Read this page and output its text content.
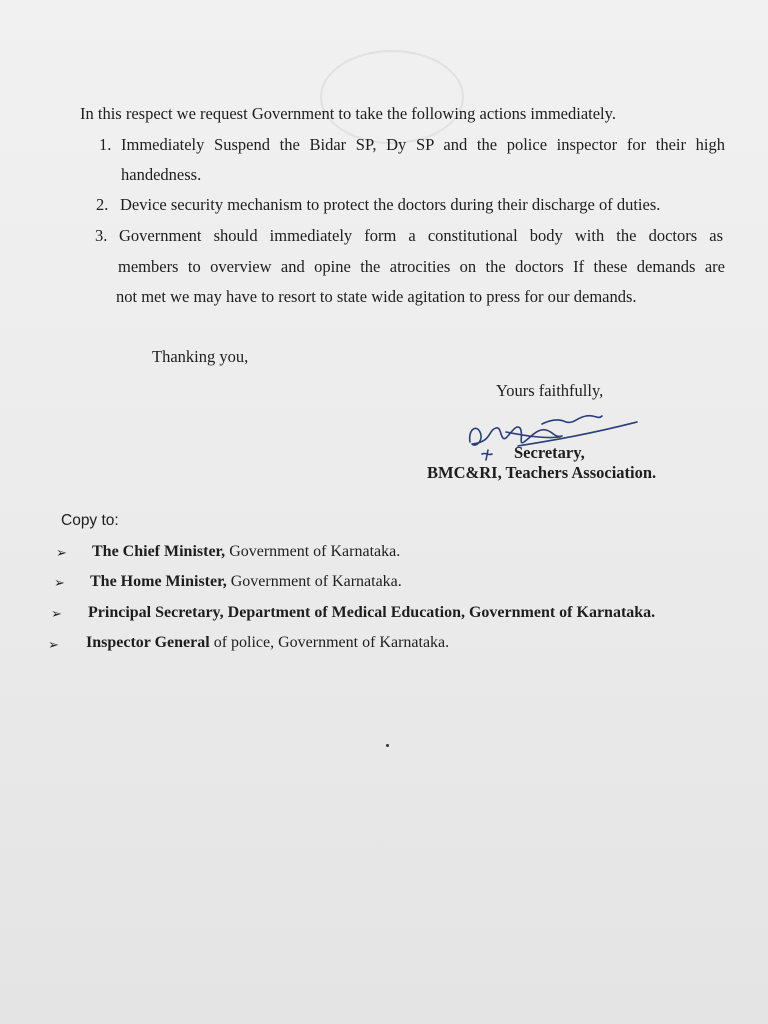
In this respect we request Government to take the following actions immediately.

1. Immediately Suspend the Bidar SP, Dy SP and the police inspector for their high
handedness.
2. Device security mechanism to protect the doctors during their discharge of duties.
3. Government should immediately form a constitutional body with the doctors as
members to overview and opine the atrocities on the doctors If these demands are
not met we may have to resort to state wide agitation to press for our demands.
Thanking you,
Yours faithfully,
Secretary,
BMC&RI, Teachers Association.
Copy to:
➢ The Chief Minister, Government of Karnataka.
➢ The Home Minister, Government of Karnataka.
➢ Principal Secretary, Department of Medical Education, Government of Karnataka.
➢ Inspector General of police, Government of Karnataka.
